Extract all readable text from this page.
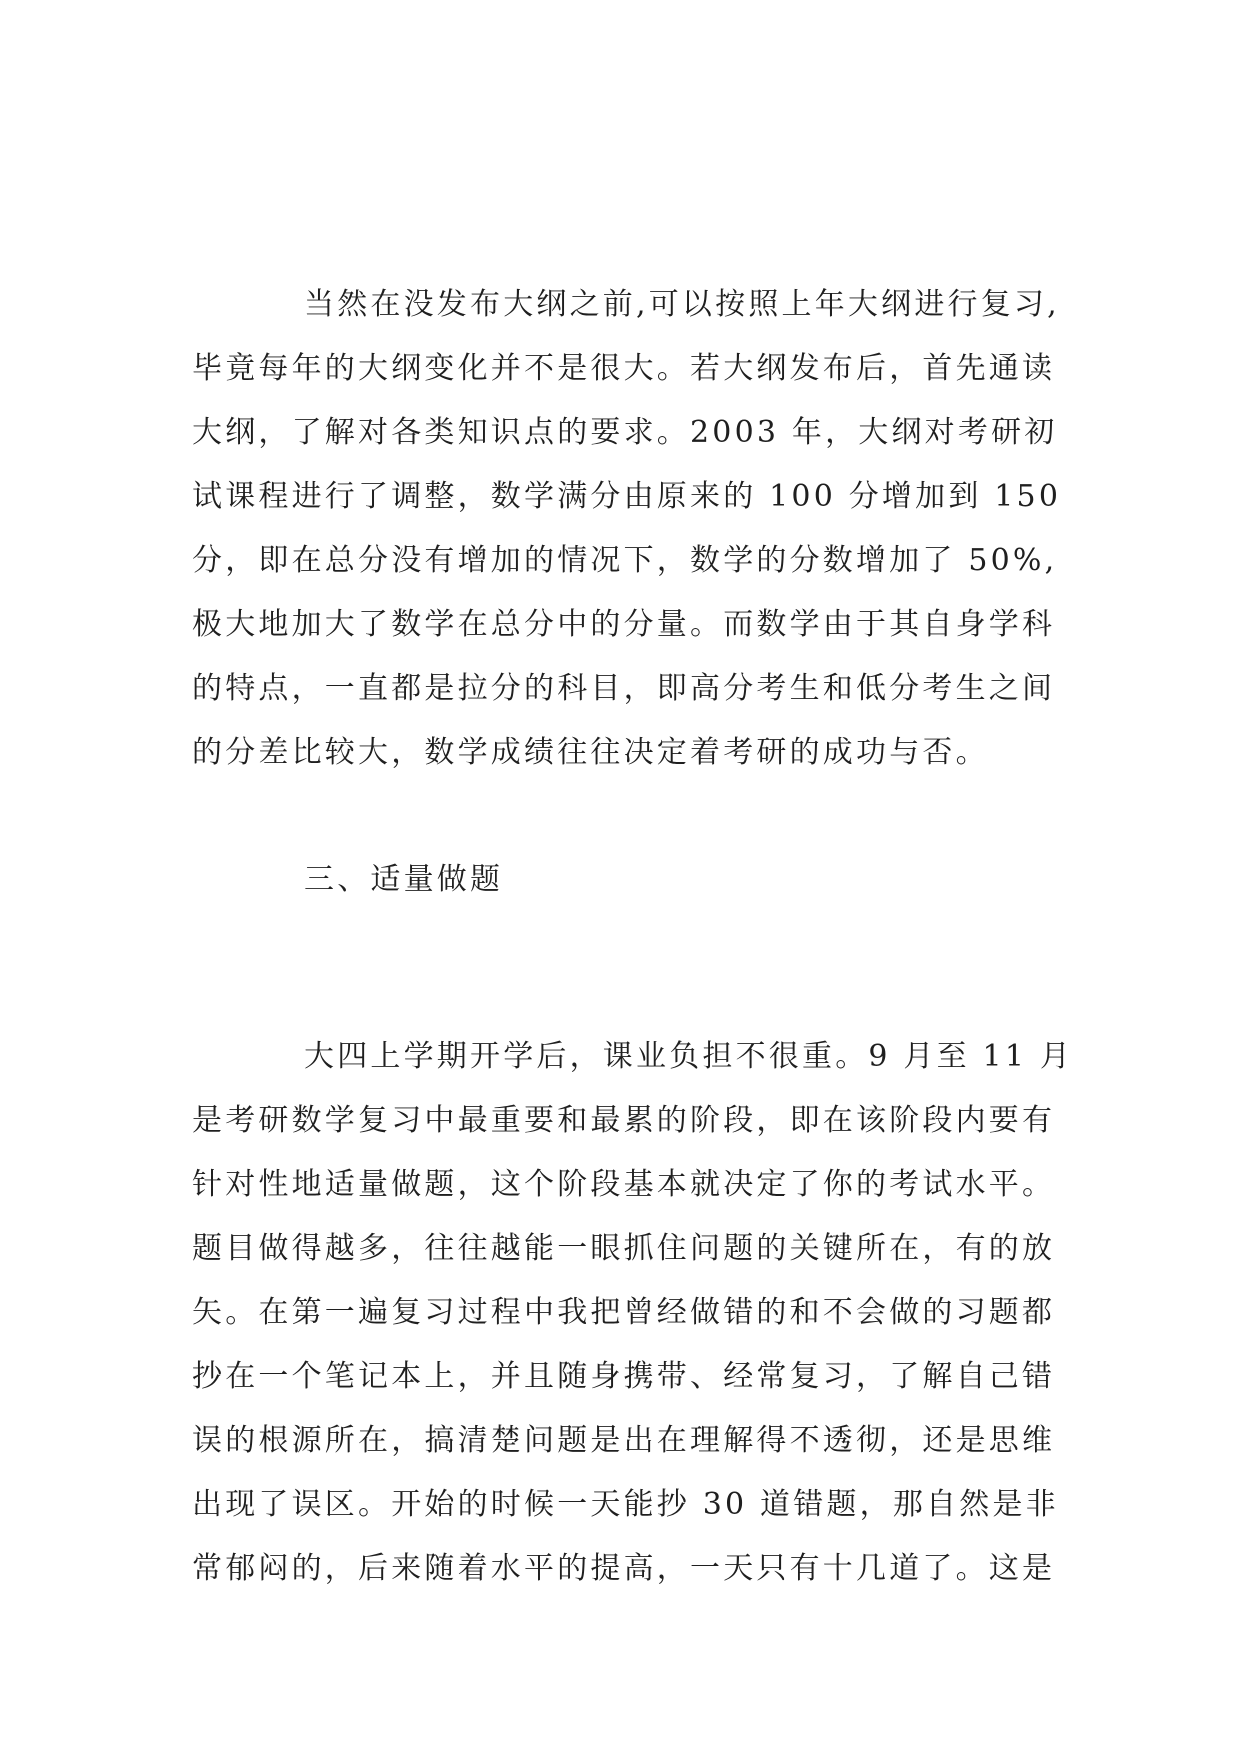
当然在没发布大纲之前,可以按照上年大纲进行复习,
毕竟每年的大纲变化并不是很大。若大纲发布后，首先通读
大纲，了解对各类知识点的要求。2003 年，大纲对考研初
试课程进行了调整，数学满分由原来的 100 分增加到 150
分，即在总分没有增加的情况下，数学的分数增加了 50%,
极大地加大了数学在总分中的分量。而数学由于其自身学科
的特点，一直都是拉分的科目，即高分考生和低分考生之间
的分差比较大，数学成绩往往决定着考研的成功与否。
三、适量做题
大四上学期开学后，课业负担不很重。9 月至 11 月
是考研数学复习中最重要和最累的阶段，即在该阶段内要有
针对性地适量做题，这个阶段基本就决定了你的考试水平。
题目做得越多，往往越能一眼抓住问题的关键所在，有的放
矢。在第一遍复习过程中我把曾经做错的和不会做的习题都
抄在一个笔记本上，并且随身携带、经常复习，了解自己错
误的根源所在，搞清楚问题是出在理解得不透彻，还是思维
出现了误区。开始的时候一天能抄 30 道错题，那自然是非
常郁闷的，后来随着水平的提高，一天只有十几道了。这是
